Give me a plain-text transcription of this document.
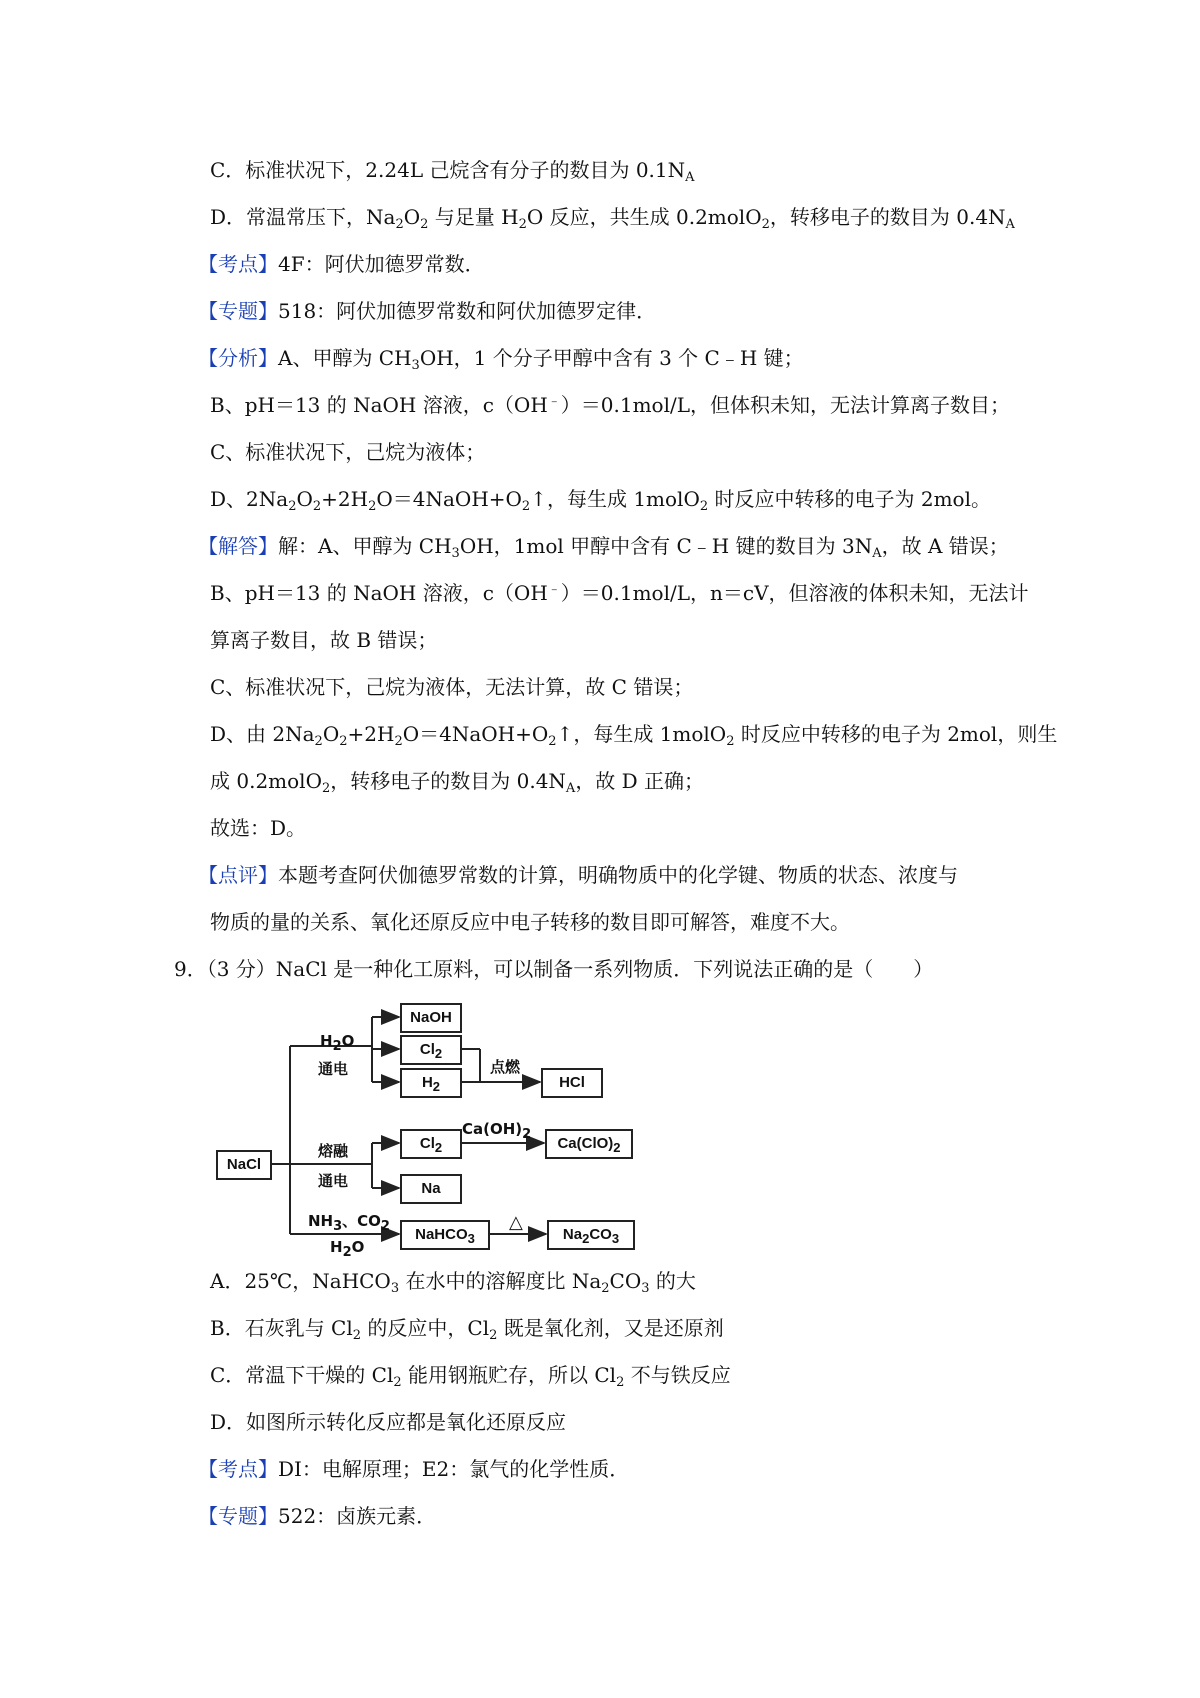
C．标准状况下，2.24L 己烷含有分子的数目为 $0.1N_A$
D．常温常压下，$Na_2O_2$ 与足量 $H_2O$ 反应，共生成 0.2molO$_2$，转移电子的数目为 $0.4N_A$
【考点】4F：阿伏加德罗常数．
【专题】518：阿伏加德罗常数和阿伏加德罗定律．
【分析】A、甲醇为 $CH_3OH$，1 个分子甲醇中含有 3 个 C﹣H 键；
B、pH＝13 的 NaOH 溶液，c（OH﹣）＝0.1mol/L，但体积未知，无法计算离子数目；
C、标准状况下，己烷为液体；
D、$2Na_2O_2+2H_2O=4NaOH+O_2↑$，每生成 1molO$_2$ 时反应中转移的电子为 2mol。
【解答】解：A、甲醇为 $CH_3OH$，1mol 甲醇中含有 C﹣H 键的数目为 $3N_A$，故 A 错误；
B、pH＝13 的 NaOH 溶液，c（OH﹣）＝0.1mol/L，n＝cV，但溶液的体积未知，无法计
算离子数目，故 B 错误；
C、标准状况下，己烷为液体，无法计算，故 C 错误；
D、由 $2Na_2O_2+2H_2O=4NaOH+O_2↑$，每生成 1molO$_2$ 时反应中转移的电子为 2mol，则生
成 0.2molO$_2$，转移电子的数目为 $0.4N_A$，故 D 正确；
故选：D。
【点评】本题考查阿伏伽德罗常数的计算，明确物质中的化学键、物质的状态、浓度与
物质的量的关系、氧化还原反应中电子转移的数目即可解答，难度不大。
9．（3 分）NaCl 是一种化工原料，可以制备一系列物质．下列说法正确的是（　　）
NaCl
NaOH
$Cl_2$
$H_2$	HCl
$Cl_2$
Na
$Ca(ClO)_2$
NaHCO$_3$	$Na_2CO_3$
$H_2O$
通电	点燃
熔融
通电
$Ca(OH)_2$
$NH_3$、$CO_2$
$H_2O$
△
A．25℃，NaHCO$_3$ 在水中的溶解度比 $Na_2CO_3$ 的大
B．石灰乳与 $Cl_2$ 的反应中，$Cl_2$ 既是氧化剂，又是还原剂
C．常温下干燥的 $Cl_2$ 能用钢瓶贮存，所以 $Cl_2$ 不与铁反应
D．如图所示转化反应都是氧化还原反应
【考点】DI：电解原理；E2：氯气的化学性质．
【专题】522：卤族元素．
